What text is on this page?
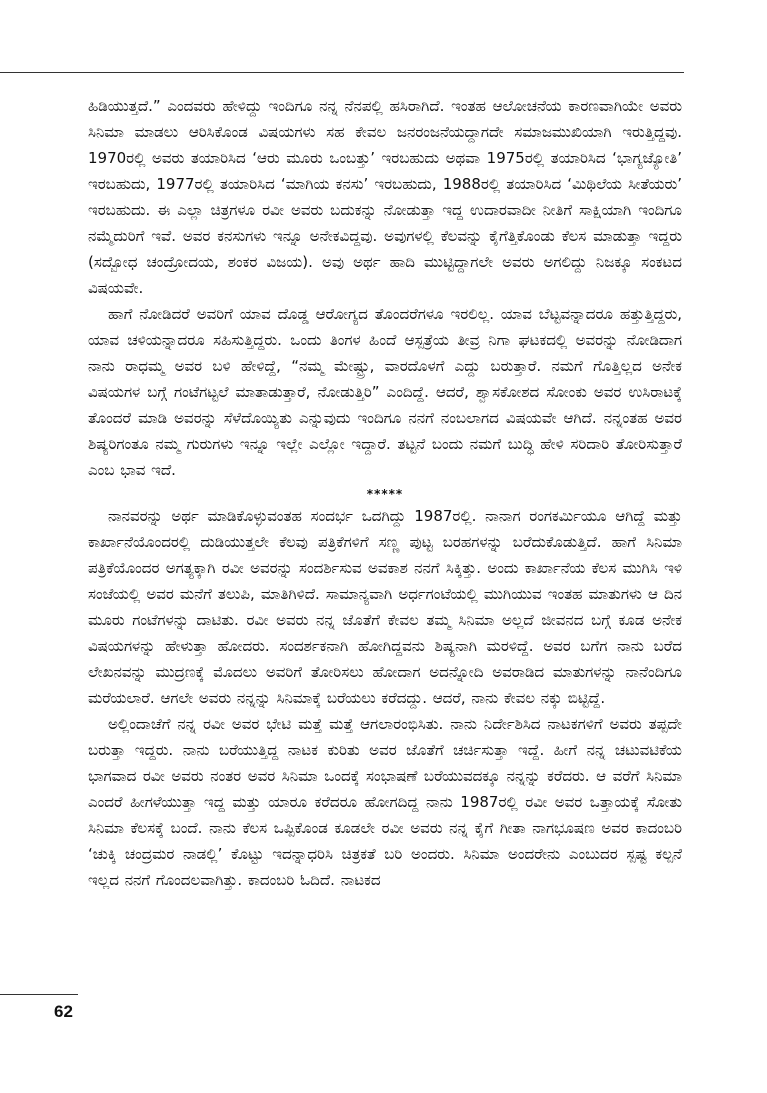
ಹಿಡಿಯುತ್ತದೆ.” ಎಂದವರು ಹೇಳಿದ್ದು ಇಂದಿಗೂ ನನ್ನ ನೆನಪಲ್ಲಿ ಹಸಿರಾಗಿದೆ. ಇಂತಹ ಆಲೋಚನೆಯ ಕಾರಣವಾಗಿಯೇ ಅವರು ಸಿನಿಮಾ ಮಾಡಲು ಆರಿಸಿಕೊಂಡ ವಿಷಯಗಳು ಸಹ ಕೇವಲ ಜನರಂಜನೆಯದ್ದಾಗದೇ ಸಮಾಜಮುಖಿಯಾಗಿ ಇರುತ್ತಿದ್ದವು. 1970ರಲ್ಲಿ ಅವರು ತಯಾರಿಸಿದ ‘ಆರು ಮೂರು ಒಂಬತ್ತು’ ಇರಬಹುದು ಅಥವಾ 1975ರಲ್ಲಿ ತಯಾರಿಸಿದ ‘ಭಾಗ್ಯಜ್ಯೋತಿ’ ಇರಬಹುದು, 1977ರಲ್ಲಿ ತಯಾರಿಸಿದ ‘ಮಾಗಿಯ ಕನಸು’ ಇರಬಹುದು, 1988ರಲ್ಲಿ ತಯಾರಿಸಿದ ‘ಮಿಥಿಲೆಯ ಸೀತೆಯರು’ ಇರಬಹುದು. ಈ ಎಲ್ಲಾ ಚಿತ್ರಗಳೂ ರವೀ ಅವರು ಬದುಕನ್ನು ನೋಡುತ್ತಾ ಇದ್ದ ಉದಾರವಾದೀ ನೀತಿಗೆ ಸಾಕ್ಷಿಯಾಗಿ ಇಂದಿಗೂ ನಮ್ಮೆದುರಿಗೆ ಇವೆ. ಅವರ ಕನಸುಗಳು ಇನ್ನೂ ಅನೇಕವಿದ್ದವು. ಅವುಗಳಲ್ಲಿ ಕೆಲವನ್ನು ಕೈಗೆತ್ತಿಕೊಂಡು ಕೆಲಸ ಮಾಡುತ್ತಾ ಇದ್ದರು (ಸದ್ಬೋಧ ಚಂದ್ರೋದಯ, ಶಂಕರ ವಿಜಯ). ಅವು ಅರ್ಥ ಹಾದಿ ಮುಟ್ಟಿದ್ದಾಗಲೇ ಅವರು ಅಗಲಿದ್ದು ನಿಜಕ್ಕೂ ಸಂಕಟದ ವಿಷಯವೇ.

ಹಾಗೆ ನೋಡಿದರೆ ಅವರಿಗೆ ಯಾವ ದೊಡ್ಡ ಆರೋಗ್ಯದ ತೊಂದರೆಗಳೂ ಇರಲಿಲ್ಲ. ಯಾವ ಬೆಟ್ಟವನ್ನಾದರೂ ಹತ್ತುತ್ತಿದ್ದರು, ಯಾವ ಚಳಿಯನ್ನಾದರೂ ಸಹಿಸುತ್ತಿದ್ದರು. ಒಂದು ತಿಂಗಳ ಹಿಂದೆ ಆಸ್ಪತ್ರೆಯ ತೀವ್ರ ನಿಗಾ ಘಟಕದಲ್ಲಿ ಅವರನ್ನು ನೋಡಿದಾಗ ನಾನು ರಾಧಮ್ಮ ಅವರ ಬಳಿ ಹೇಳಿದ್ದೆ, “ನಮ್ಮ ಮೇಷ್ಟ್ರು, ವಾರದೊಳಗೆ ಎದ್ದು ಬರುತ್ತಾರೆ. ನಮಗೆ ಗೊತ್ತಿಲ್ಲದ ಅನೇಕ ವಿಷಯಗಳ ಬಗ್ಗೆ ಗಂಟೆಗಟ್ಟಲೆ ಮಾತಾಡುತ್ತಾರೆ, ನೋಡುತ್ತಿರಿ” ಎಂದಿದ್ದೆ. ಆದರೆ, ಶ್ವಾಸಕೋಶದ ಸೋಂಕು ಅವರ ಉಸಿರಾಟಕ್ಕೆ ತೊಂದರೆ ಮಾಡಿ ಅವರನ್ನು ಸೆಳೆದೊಯ್ಯಿತು ಎನ್ನುವುದು ಇಂದಿಗೂ ನನಗೆ ನಂಬಲಾಗದ ವಿಷಯವೇ ಆಗಿದೆ. ನನ್ನಂತಹ ಅವರ ಶಿಷ್ಯರಿಗಂತೂ ನಮ್ಮ ಗುರುಗಳು ಇನ್ನೂ ಇಲ್ಲೇ ಎಲ್ಲೋ ಇದ್ದಾರೆ. ತಟ್ಟನೆ ಬಂದು ನಮಗೆ ಬುದ್ಧಿ ಹೇಳಿ ಸರಿದಾರಿ ತೋರಿಸುತ್ತಾರೆ ಎಂಬ ಭಾವ ಇದೆ.

*****

ನಾನವರನ್ನು ಅರ್ಥ ಮಾಡಿಕೊಳ್ಳುವಂತಹ ಸಂದರ್ಭ ಒದಗಿದ್ದು 1987ರಲ್ಲಿ. ನಾನಾಗ ರಂಗಕರ್ಮಿಯೂ ಆಗಿದ್ದೆ ಮತ್ತು ಕಾರ್ಖಾನೆಯೊಂದರಲ್ಲಿ ದುಡಿಯುತ್ತಲೇ ಕೆಲವು ಪತ್ರಿಕೆಗಳಿಗೆ ಸಣ್ಣ ಪುಟ್ಟ ಬರಹಗಳನ್ನು ಬರೆದುಕೊಡುತ್ತಿದೆ. ಹಾಗೆ ಸಿನಿಮಾ ಪತ್ರಿಕೆಯೊಂದರ ಅಗತ್ಯಕ್ಕಾಗಿ ರವೀ ಅವರನ್ನು ಸಂದರ್ಶಿಸುವ ಅವಕಾಶ ನನಗೆ ಸಿಕ್ಕಿತ್ತು. ಅಂದು ಕಾರ್ಖಾನೆಯ ಕೆಲಸ ಮುಗಿಸಿ ಇಳಿ ಸಂಜೆಯಲ್ಲಿ ಅವರ ಮನೆಗೆ ತಲುಪಿ, ಮಾತಿಗಿಳಿದೆ. ಸಾಮಾನ್ಯವಾಗಿ ಅರ್ಧಗಂಟೆಯಲ್ಲಿ ಮುಗಿಯುವ ಇಂತಹ ಮಾತುಗಳು ಆ ದಿನ ಮೂರು ಗಂಟೆಗಳನ್ನು ದಾಟಿತು. ರವೀ ಅವರು ನನ್ನ ಜೊತೆಗೆ ಕೇವಲ ತಮ್ಮ ಸಿನಿಮಾ ಅಲ್ಲದೆ ಜೀವನದ ಬಗ್ಗೆ ಕೂಡ ಅನೇಕ ವಿಷಯಗಳನ್ನು ಹೇಳುತ್ತಾ ಹೋದರು. ಸಂದರ್ಶಕನಾಗಿ ಹೋಗಿದ್ದವನು ಶಿಷ್ಯನಾಗಿ ಮರಳಿದ್ದೆ. ಅವರ ಬಗೆಗ ನಾನು ಬರೆದ ಲೇಖನವನ್ನು ಮುದ್ರಣಕ್ಕೆ ಮೊದಲು ಅವರಿಗೆ ತೋರಿಸಲು ಹೋದಾಗ ಅದನ್ನೋದಿ ಅವರಾಡಿದ ಮಾತುಗಳನ್ನು ನಾನೆಂದಿಗೂ ಮರೆಯಲಾರೆ. ಆಗಲೇ ಅವರು ನನ್ನನ್ನು ಸಿನಿಮಾಕ್ಕೆ ಬರೆಯಲು ಕರೆದದ್ದು. ಆದರೆ, ನಾನು ಕೇವಲ ನಕ್ಕು ಬಿಟ್ಟಿದ್ದೆ.

ಅಲ್ಲಿಂದಾಚೆಗೆ ನನ್ನ ರವೀ ಅವರ ಭೇಟಿ ಮತ್ತೆ ಮತ್ತೆ ಆಗಲಾರಂಭಿಸಿತು. ನಾನು ನಿರ್ದೇಶಿಸಿದ ನಾಟಕಗಳಿಗೆ ಅವರು ತಪ್ಪದೇ ಬರುತ್ತಾ ಇದ್ದರು. ನಾನು ಬರೆಯುತ್ತಿದ್ದ ನಾಟಕ ಕುರಿತು ಅವರ ಜೊತೆಗೆ ಚರ್ಚಿಸುತ್ತಾ ಇದ್ದೆ. ಹೀಗೆ ನನ್ನ ಚಟುವಟಿಕೆಯ ಭಾಗವಾದ ರವೀ ಅವರು ನಂತರ ಅವರ ಸಿನಿಮಾ ಒಂದಕ್ಕೆ ಸಂಭಾಷಣೆ ಬರೆಯುವದಕ್ಕೂ ನನ್ನನ್ನು ಕರೆದರು. ಆ ವರೆಗೆ ಸಿನಿಮಾ ಎಂದರೆ ಹೀಗಳೆಯುತ್ತಾ ಇದ್ದ ಮತ್ತು ಯಾರೂ ಕರೆದರೂ ಹೋಗದಿದ್ದ ನಾನು 1987ರಲ್ಲಿ ರವೀ ಅವರ ಒತ್ತಾಯಕ್ಕೆ ಸೋತು ಸಿನಿಮಾ ಕೆಲಸಕ್ಕೆ ಬಂದೆ. ನಾನು ಕೆಲಸ ಒಪ್ಪಿಕೊಂಡ ಕೂಡಲೇ ರವೀ ಅವರು ನನ್ನ ಕೈಗೆ ಗೀತಾ ನಾಗಭೂಷಣ ಅವರ ಕಾದಂಬರಿ ‘ಚುಕ್ಕಿ ಚಂದ್ರಮರ ನಾಡಲ್ಲಿ’ ಕೊಟ್ಟು ಇದನ್ನಾಧರಿಸಿ ಚಿತ್ರಕತೆ ಬರಿ ಅಂದರು. ಸಿನಿಮಾ ಅಂದರೇನು ಎಂಬುದರ ಸ್ಪಷ್ಟ ಕಲ್ಪನೆ ಇಲ್ಲದ ನನಗೆ ಗೊಂದಲವಾಗಿತ್ತು. ಕಾದಂಬರಿ ಓದಿದೆ. ನಾಟಕದ

62
